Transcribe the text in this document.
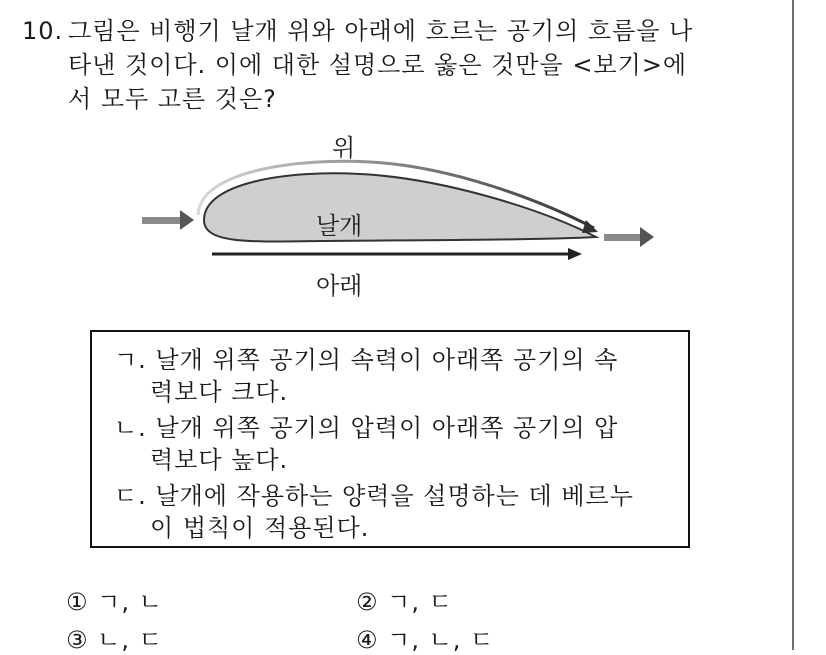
10. 그림은 비행기 날개 위와 아래에 흐르는 공기의 흐름을 나
타낸 것이다. 이에 대한 설명으로 옳은 것만을 <보기>에
서 모두 고른 것은?
위
날개
아래
ㄱ. 날개 위쪽 공기의 속력이 아래쪽 공기의 속
력보다 크다.
ㄴ. 날개 위쪽 공기의 압력이 아래쪽 공기의 압
력보다 높다.
ㄷ. 날개에 작용하는 양력을 설명하는 데 베르누
이 법칙이 적용된다.
① ㄱ, ㄴ	② ㄱ, ㄷ
③ ㄴ, ㄷ	④ ㄱ, ㄴ, ㄷ
